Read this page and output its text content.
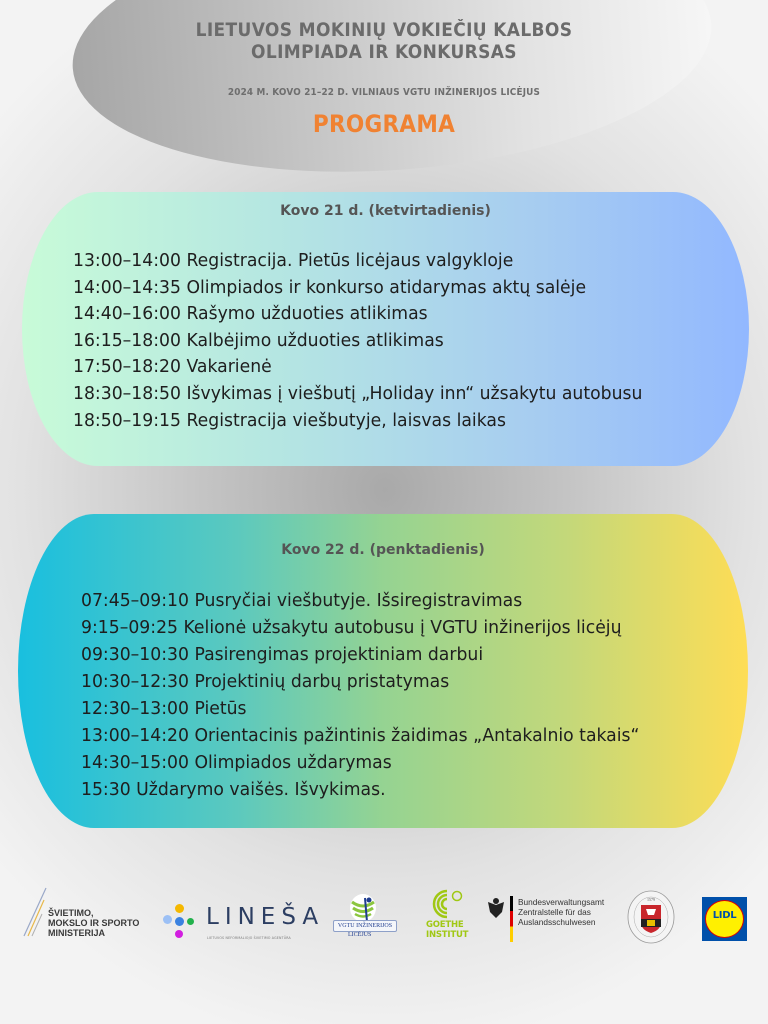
LIETUVOS MOKINIŲ VOKIEČIŲ KALBOS
OLIMPIADA IR KONKURSAS
2024 M. KOVO 21–22 D. VILNIAUS VGTU INŽINERIJOS LICĖJUS
PROGRAMA
Kovo 21 d. (ketvirtadienis)
13:00–14:00 Registracija. Pietūs licėjaus valgykloje
14:00–14:35 Olimpiados ir konkurso atidarymas aktų salėje
14:40–16:00 Rašymo užduoties atlikimas
16:15–18:00 Kalbėjimo užduoties atlikimas
17:50–18:20 Vakarienė
18:30–18:50 Išvykimas į viešbutį „Holiday inn“ užsakytu autobusu
18:50–19:15 Registracija viešbutyje, laisvas laikas
Kovo 22 d. (penktadienis)
07:45–09:10 Pusryčiai viešbutyje. Išsiregistravimas
9:15–09:25 Kelionė užsakytu autobusu į VGTU inžinerijos licėjų
09:30–10:30 Pasirengimas projektiniam darbui
10:30–12:30 Projektinių darbų pristatymas
12:30–13:00 Pietūs
13:00–14:20 Orientacinis pažintinis žaidimas „Antakalnio takais“
14:30–15:00 Olimpiados uždarymas
15:30 Uždarymo vaišės. Išvykimas.
ŠVIETIMO,
MOKSLO IR SPORTO
MINISTERIJA
LINEŠA
LIETUVOS NEFORMALIOJO ŠVIETIMO AGENTŪRA
VGTU INŽINERIJOS
LICĖJUS
GOETHE
INSTITUT
Bundesverwaltungsamt
Zentralstelle für das
Auslandsschulwesen
1579
LIDL
